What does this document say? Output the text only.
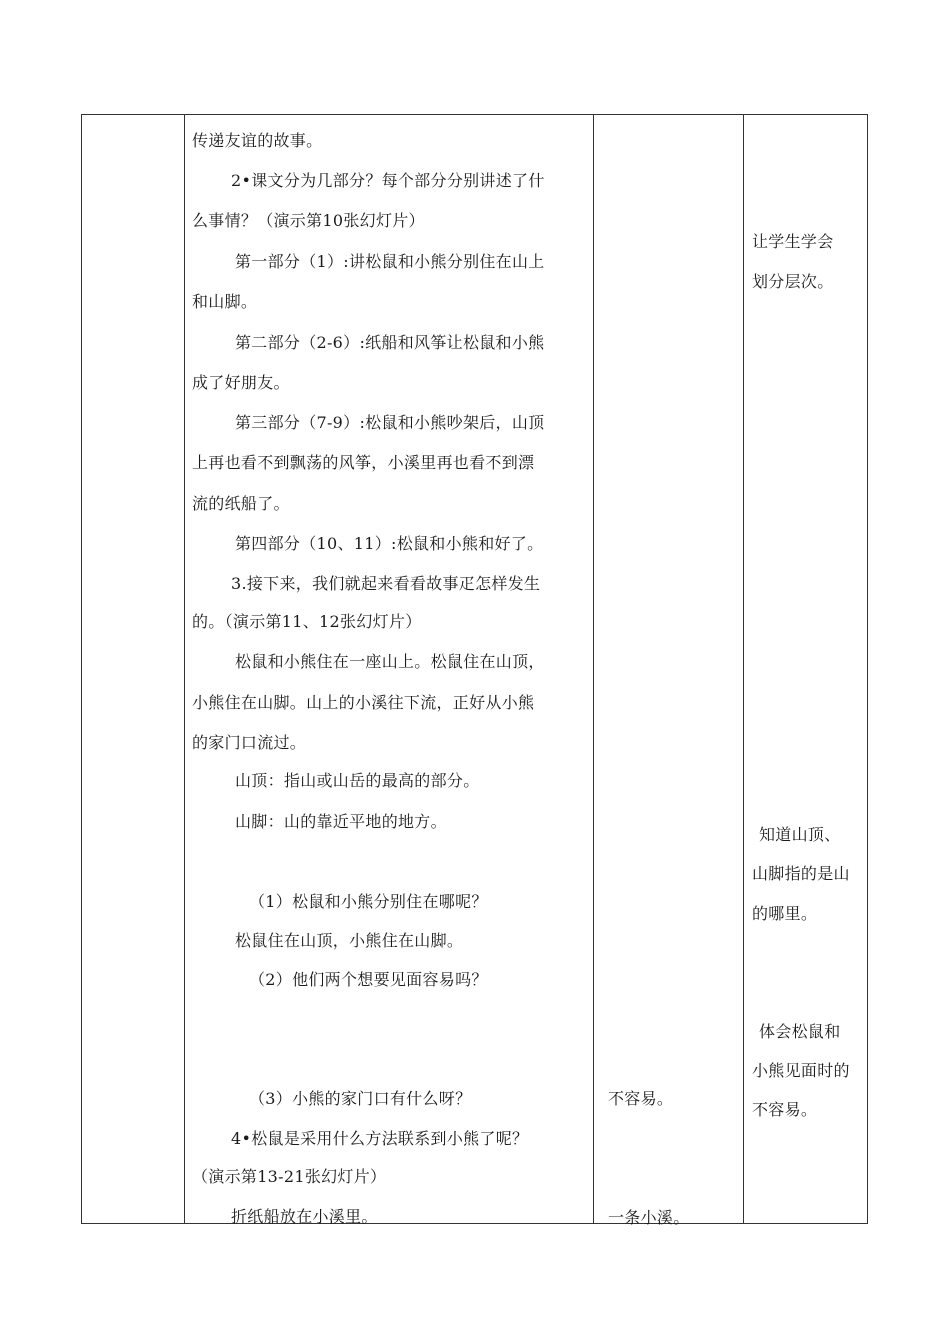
传递友谊的故事。
2•课文分为几部分？每个部分分别讲述了什
么事情？（演示第10张幻灯片）
第一部分（1）:讲松鼠和小熊分别住在山上
和山脚。
第二部分（2-6）:纸船和风筝让松鼠和小熊
成了好朋友。
第三部分（7-9）:松鼠和小熊吵架后，山顶
上再也看不到飘荡的风筝，小溪里再也看不到漂
流的纸船了。
第四部分（10、11）:松鼠和小熊和好了。
3.接下来，我们就起来看看故事疋怎样发生
的。（演示第11、12张幻灯片）
松鼠和小熊住在一座山上。松鼠住在山顶，
小熊住在山脚。山上的小溪往下流，正好从小熊
的家门口流过。
山顶：指山或山岳的最高的部分。
山脚：山的靠近平地的地方。
（1）松鼠和小熊分别住在哪呢？
松鼠住在山顶，小熊住在山脚。
（2）他们两个想要见面容易吗？
（3）小熊的家门口有什么呀？
4•松鼠是采用什么方法联系到小熊了呢？
（演示第13-21张幻灯片）
折纸船放在小溪里。
不容易。
一条小溪。
让学生学会
划分层次。
知道山顶、
山脚指的是山
的哪里。
体会松鼠和
小熊见面时的
不容易。
